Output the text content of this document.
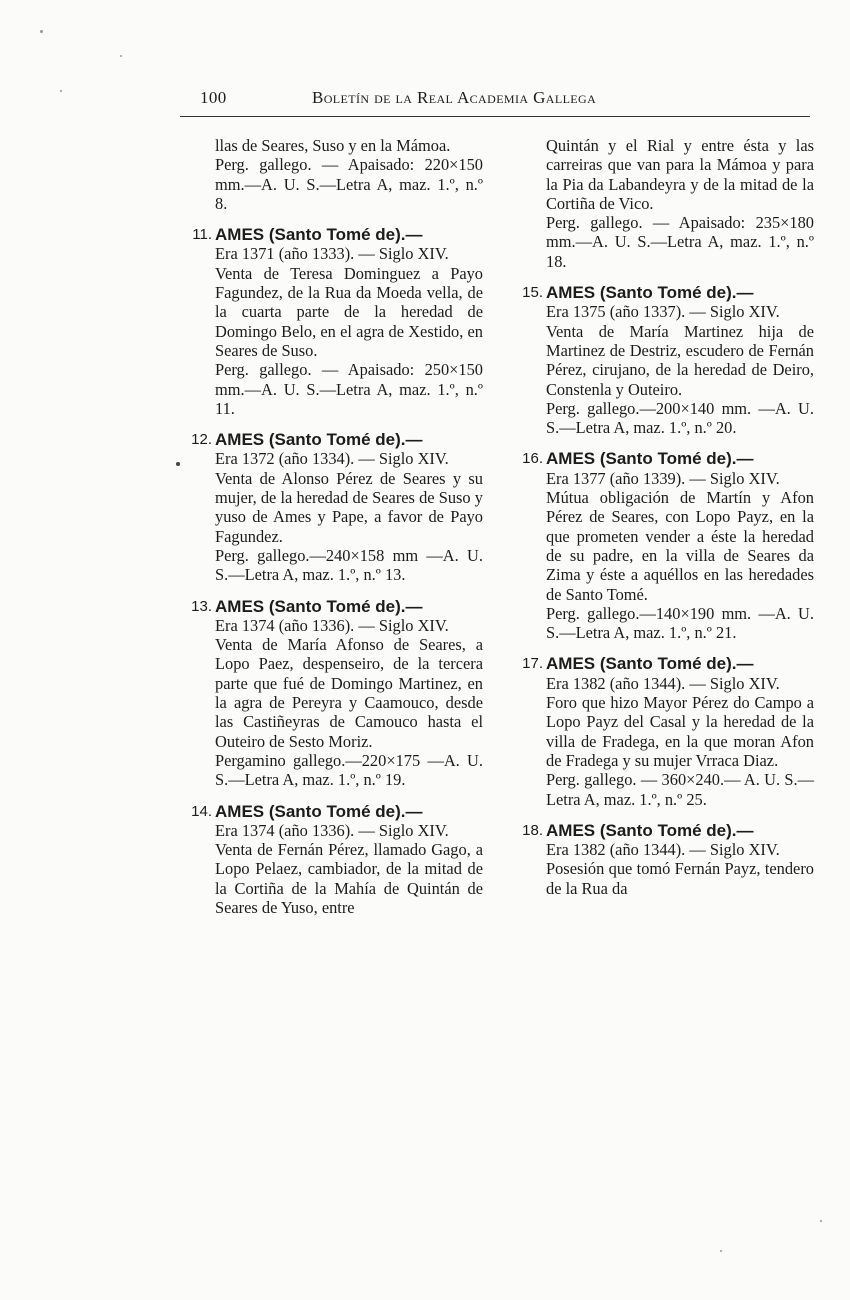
100	Boletín de la Real Academia Gallega

llas de Seares, Suso y en la Mámoa.

Perg. gallego. — Apaisado: 220×150 mm.—A. U. S.—Letra A, maz. 1.º, n.º 8.

11. AMES (Santo Tomé de).—

Era 1371 (año 1333). — Siglo XIV.

Venta de Teresa Dominguez a Payo Fagundez, de la Rua da Moeda vella, de la cuarta parte de la heredad de Domingo Belo, en el agra de Xestido, en Seares de Suso.

Perg. gallego. — Apaisado: 250×150 mm.—A. U. S.—Letra A, maz. 1.º, n.º 11.

12. AMES (Santo Tomé de).—

Era 1372 (año 1334). — Siglo XIV.

Venta de Alonso Pérez de Seares y su mujer, de la heredad de Seares de Suso y yuso de Ames y Pape, a favor de Payo Fagundez.

Perg. gallego.—240×158 mm —A. U. S.—Letra A, maz. 1.º, n.º 13.

13. AMES (Santo Tomé de).—

Era 1374 (año 1336). — Siglo XIV.

Venta de María Afonso de Seares, a Lopo Paez, despenseiro, de la tercera parte que fué de Domingo Martinez, en la agra de Pereyra y Caamouco, desde las Castiñeyras de Camouco hasta el Outeiro de Sesto Moriz.

Pergamino gallego.—220×175 —A. U. S.—Letra A, maz. 1.º, n.º 19.

14. AMES (Santo Tomé de).—

Era 1374 (año 1336). — Siglo XIV.

Venta de Fernán Pérez, llamado Gago, a Lopo Pelaez, cambiador, de la mitad de la Cortiña de la Mahía de Quintán de Seares de Yuso, entre

Quintán y el Rial y entre ésta y las carreiras que van para la Mámoa y para la Pia da Labandeyra y de la mitad de la Cortiña de Vico.

Perg. gallego. — Apaisado: 235×180 mm.—A. U. S.—Letra A, maz. 1.º, n.º 18.

15. AMES (Santo Tomé de).—

Era 1375 (año 1337). — Siglo XIV.

Venta de María Martinez hija de Martinez de Destriz, escudero de Fernán Pérez, cirujano, de la heredad de Deiro, Constenla y Outeiro.

Perg. gallego.—200×140 mm. —A. U. S.—Letra A, maz. 1.º, n.º 20.

16. AMES (Santo Tomé de).—

Era 1377 (año 1339). — Siglo XIV.

Mútua obligación de Martín y Afon Pérez de Seares, con Lopo Payz, en la que prometen vender a éste la heredad de su padre, en la villa de Seares da Zima y éste a aquéllos en las heredades de Santo Tomé.

Perg. gallego.—140×190 mm. —A. U. S.—Letra A, maz. 1.º, n.º 21.

17. AMES (Santo Tomé de).—

Era 1382 (año 1344). — Siglo XIV.

Foro que hizo Mayor Pérez do Campo a Lopo Payz del Casal y la heredad de la villa de Fradega, en la que moran Afon de Fradega y su mujer Vrraca Diaz.

Perg. gallego. — 360×240.— A. U. S.—Letra A, maz. 1.º, n.º 25.

18. AMES (Santo Tomé de).—

Era 1382 (año 1344). — Siglo XIV.

Posesión que tomó Fernán Payz, tendero de la Rua da
